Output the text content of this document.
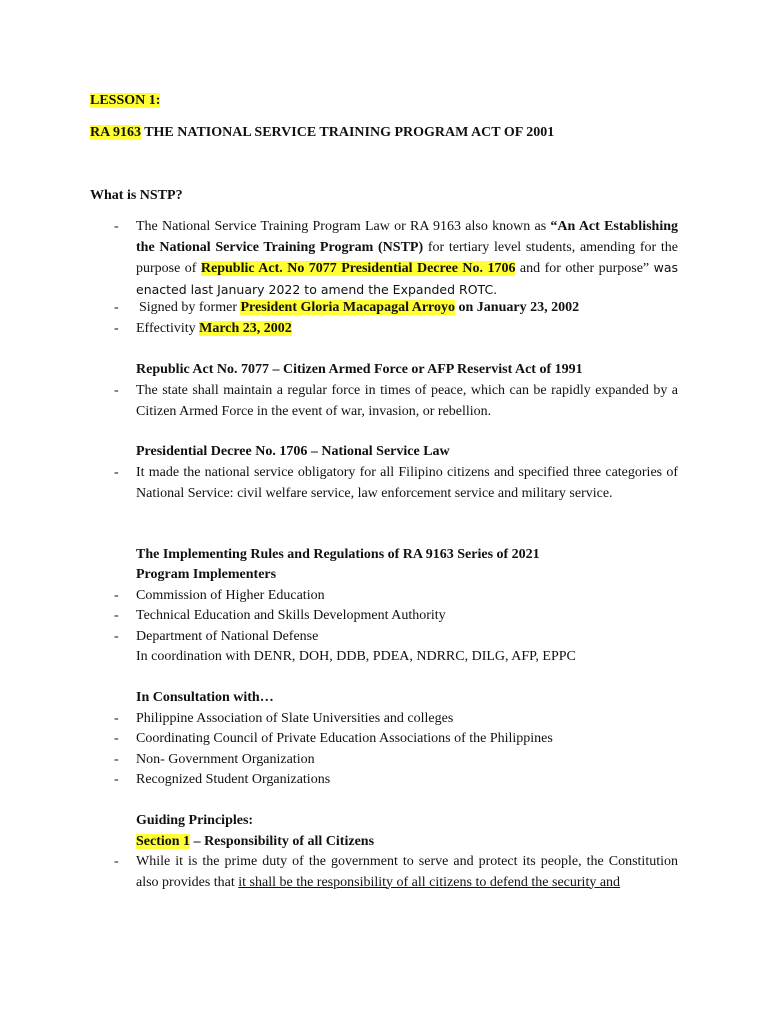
LESSON 1:
RA 9163 THE NATIONAL SERVICE TRAINING PROGRAM ACT OF 2001
What is NSTP?
- The National Service Training Program Law or RA 9163 also known as “An Act Establishing the National Service Training Program (NSTP) for tertiary level students, amending for the purpose of Republic Act. No 7077 Presidential Decree No. 1706 and for other purpose” was enacted last January 2022 to amend the Expanded ROTC.
- Signed by former President Gloria Macapagal Arroyo on January 23, 2002
- Effectivity March 23, 2002
Republic Act No. 7077 – Citizen Armed Force or AFP Reservist Act of 1991
- The state shall maintain a regular force in times of peace, which can be rapidly expanded by a Citizen Armed Force in the event of war, invasion, or rebellion.
Presidential Decree No. 1706 – National Service Law
- It made the national service obligatory for all Filipino citizens and specified three categories of National Service: civil welfare service, law enforcement service and military service.
The Implementing Rules and Regulations of RA 9163 Series of 2021
Program Implementers
- Commission of Higher Education
- Technical Education and Skills Development Authority
- Department of National Defense
In coordination with DENR, DOH, DDB, PDEA, NDRRC, DILG, AFP, EPPC
In Consultation with…
- Philippine Association of Slate Universities and colleges
- Coordinating Council of Private Education Associations of the Philippines
- Non- Government Organization
- Recognized Student Organizations
Guiding Principles:
Section 1 – Responsibility of all Citizens
- While it is the prime duty of the government to serve and protect its people, the Constitution also provides that it shall be the responsibility of all citizens to defend the security and
